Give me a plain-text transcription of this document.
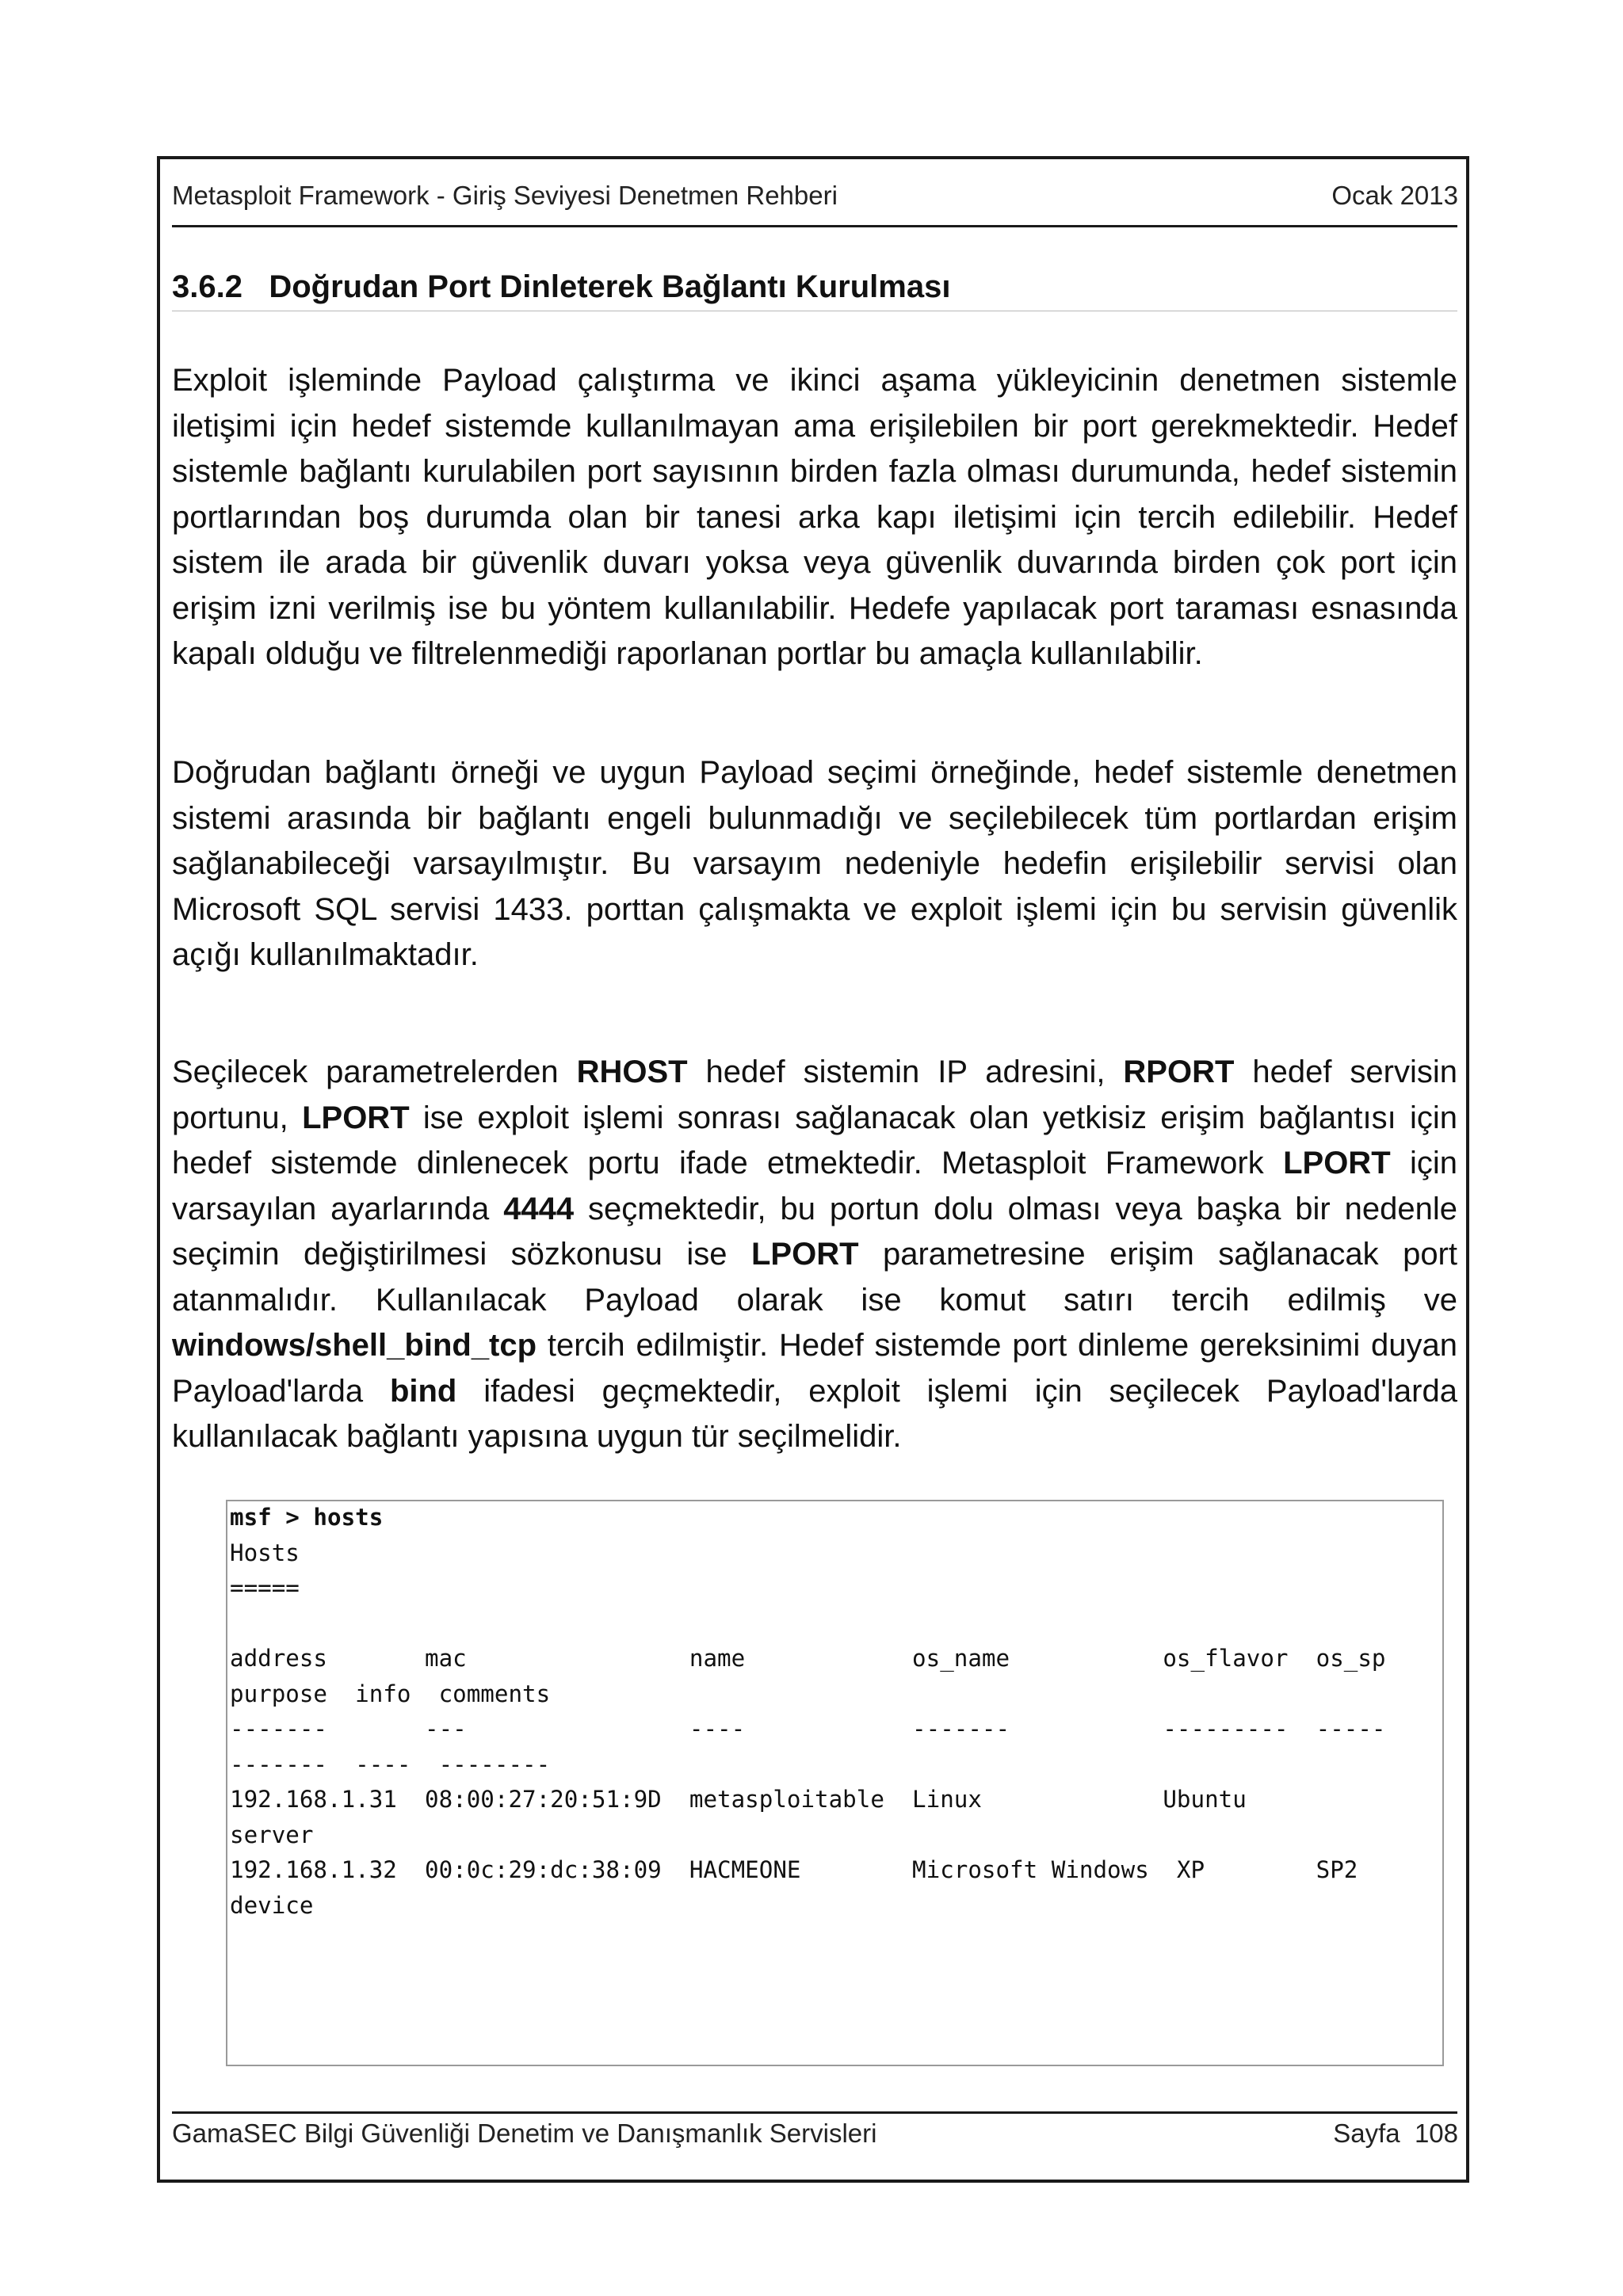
Metasploit Framework - Giriş Seviyesi Denetmen Rehberi	Ocak 2013
3.6.2 Doğrudan Port Dinleterek Bağlantı Kurulması

Exploit işleminde Payload çalıştırma ve ikinci aşama yükleyicinin denetmen sistemle iletişimi için hedef sistemde kullanılmayan ama erişilebilen bir port gerekmektedir. Hedef sistemle bağlantı kurulabilen port sayısının birden fazla olması durumunda, hedef sistemin portlarından boş durumda olan bir tanesi arka kapı iletişimi için tercih edilebilir. Hedef sistem ile arada bir güvenlik duvarı yoksa veya güvenlik duvarında birden çok port için erişim izni verilmiş ise bu yöntem kullanılabilir. Hedefe yapılacak port taraması esnasında kapalı olduğu ve filtrelenmediği raporlanan portlar bu amaçla kullanılabilir.

Doğrudan bağlantı örneği ve uygun Payload seçimi örneğinde, hedef sistemle denetmen sistemi arasında bir bağlantı engeli bulunmadığı ve seçilebilecek tüm portlardan erişim sağlanabileceği varsayılmıştır. Bu varsayım nedeniyle hedefin erişilebilir servisi olan Microsoft SQL servisi 1433. porttan çalışmakta ve exploit işlemi için bu servisin güvenlik açığı kullanılmaktadır.

Seçilecek parametrelerden RHOST hedef sistemin IP adresini, RPORT hedef servisin portunu, LPORT ise exploit işlemi sonrası sağlanacak olan yetkisiz erişim bağlantısı için hedef sistemde dinlenecek portu ifade etmektedir. Metasploit Framework LPORT için varsayılan ayarlarında 4444 seçmektedir, bu portun dolu olması veya başka bir nedenle seçimin değiştirilmesi sözkonusu ise LPORT parametresine erişim sağlanacak port atanmalıdır. Kullanılacak Payload olarak ise komut satırı tercih edilmiş ve windows/shell_bind_tcp tercih edilmiştir. Hedef sistemde port dinleme gereksinimi duyan Payload'larda bind ifadesi geçmektedir, exploit işlemi için seçilecek Payload'larda kullanılacak bağlantı yapısına uygun tür seçilmelidir.

msf > hosts
Hosts
=====

address       mac                name            os_name           os_flavor  os_sp
purpose  info  comments
-------       ---                ----            -------           ---------  -----
-------  ----  --------
192.168.1.31  08:00:27:20:51:9D  metasploitable  Linux             Ubuntu
server
192.168.1.32  00:0c:29:dc:38:09  HACMEONE        Microsoft Windows  XP        SP2
device
GamaSEC Bilgi Güvenliği Denetim ve Danışmanlık Servisleri	Sayfa 108
